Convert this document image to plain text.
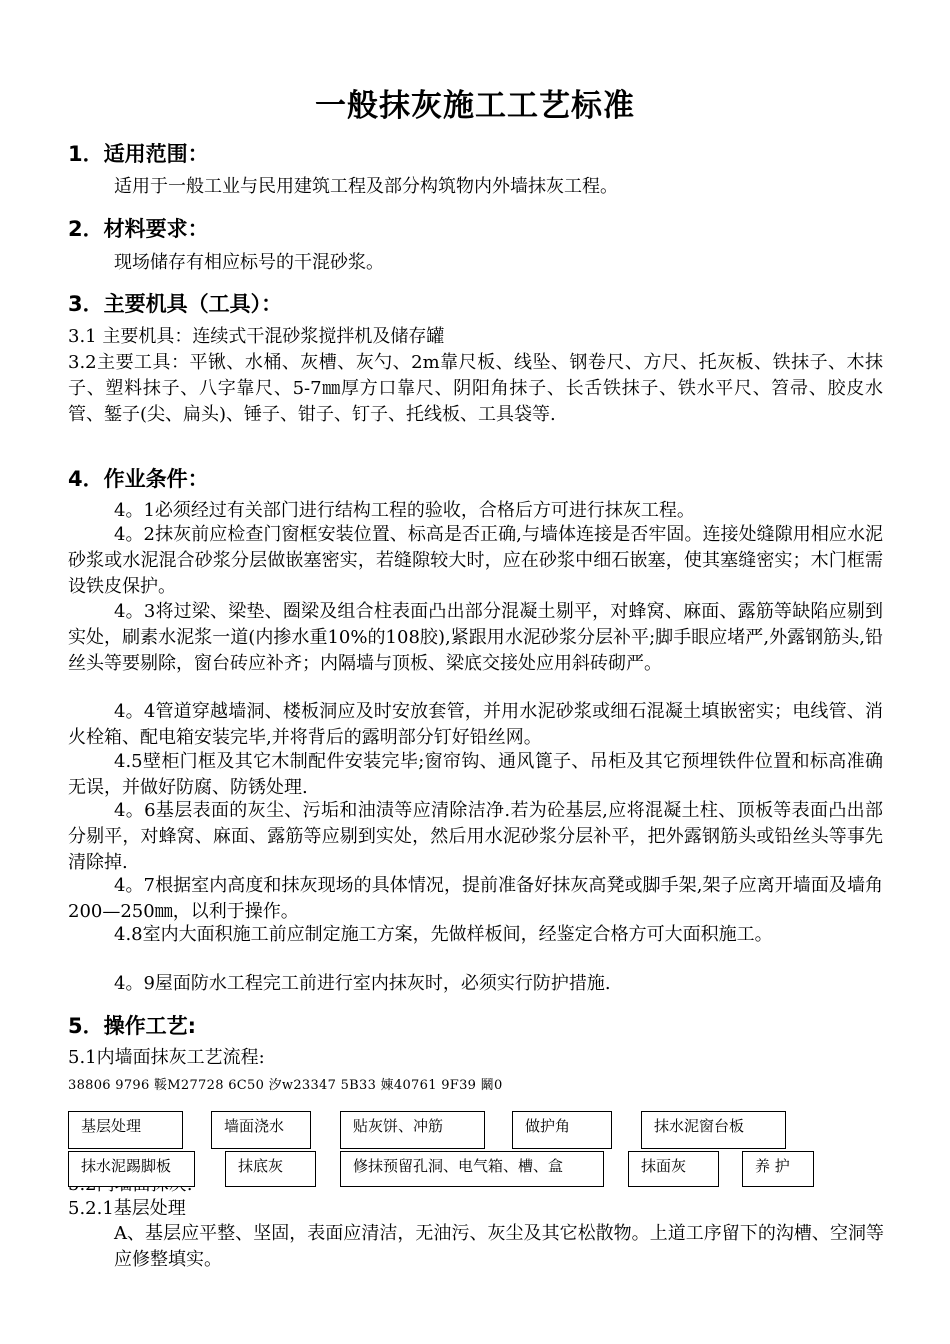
一般抹灰施工工艺标准
1．适用范围：
适用于一般工业与民用建筑工程及部分构筑物内外墙抹灰工程。
2．材料要求：
现场储存有相应标号的干混砂浆。
3．主要机具（工具）：
3.1 主要机具：连续式干混砂浆搅拌机及储存罐
3.2主要工具：平锹、水桶、灰槽、灰勺、2m靠尺板、线坠、钢卷尺、方尺、托灰板、铁抹子、木抹子、塑料抹子、八字靠尺、5-7㎜厚方口靠尺、阴阳角抹子、长舌铁抹子、铁水平尺、笤帚、胶皮水管、錾子(尖、扁头)、锤子、钳子、钉子、托线板、工具袋等.
4．作业条件：
4。1必须经过有关部门进行结构工程的验收，合格后方可进行抹灰工程。
4。2抹灰前应检查门窗框安装位置、标高是否正确,与墙体连接是否牢固。连接处缝隙用相应水泥砂浆或水泥混合砂浆分层做嵌塞密实，若缝隙较大时，应在砂浆中细石嵌塞，使其塞缝密实；木门框需设铁皮保护。
4。3将过梁、梁垫、圈梁及组合柱表面凸出部分混凝土剔平，对蜂窝、麻面、露筋等缺陷应剔到实处，刷素水泥浆一道(内掺水重10%的108胶),紧跟用水泥砂浆分层补平;脚手眼应堵严,外露钢筋头,铅丝头等要剔除，窗台砖应补齐；内隔墙与顶板、梁底交接处应用斜砖砌严。
4。4管道穿越墙洞、楼板洞应及时安放套管，并用水泥砂浆或细石混凝土填嵌密实；电线管、消火栓箱、配电箱安装完毕,并将背后的露明部分钉好铅丝网。
4.5壁柜门框及其它木制配件安装完毕;窗帘钩、通风篦子、吊柜及其它预埋铁件位置和标高准确无误，并做好防腐、防锈处理.
4。6基层表面的灰尘、污垢和油渍等应清除洁净.若为砼基层,应将混凝土柱、顶板等表面凸出部分剔平，对蜂窝、麻面、露筋等应剔到实处，然后用水泥砂浆分层补平，把外露钢筋头或铅丝头等事先清除掉.
4。7根据室内高度和抹灰现场的具体情况，提前准备好抹灰高凳或脚手架,架子应离开墙面及墙角200—250㎜，以利于操作。
4.8室内大面积施工前应制定施工方案，先做样板间，经鉴定合格方可大面积施工。
4。9屋面防水工程完工前进行室内抹灰时，必须实行防护措施.
5．操作工艺:
5.1内墙面抹灰工艺流程:
38806 9796 鞖M27728 6C50 汐w23347 5B33 娻40761 9F39 鬫0
基层处理	墙面浇水	贴灰饼、冲筋	做护角	抹水泥窗台板
抹水泥踢脚板	抹底灰	修抹预留孔洞、电气箱、槽、盒	抹面灰	养 护
5.2.1基层处理
A、基层应平整、坚固，表面应清洁，无油污、灰尘及其它松散物。上道工序留下的沟槽、空洞等应修整填实。
